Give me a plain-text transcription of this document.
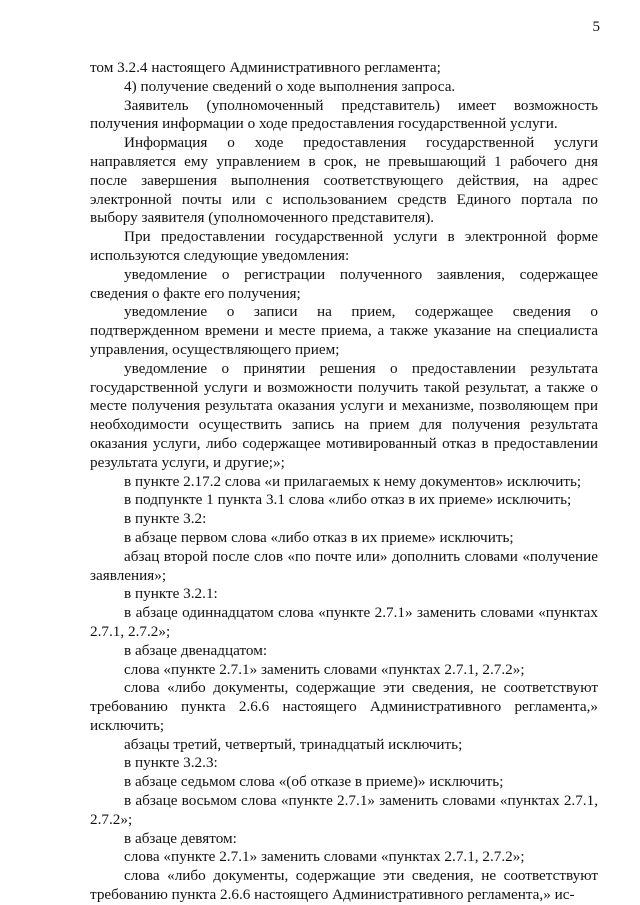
5

том 3.2.4 настоящего Административного регламента;

4) получение сведений о ходе выполнения запроса.

Заявитель (уполномоченный представитель) имеет возможность получения информации о ходе предоставления государственной услуги.

Информация о ходе предоставления государственной услуги направляется ему управлением в срок, не превышающий 1 рабочего дня после завершения выполнения соответствующего действия, на адрес электронной почты или с использованием средств Единого портала по выбору заявителя (уполномоченного представителя).

При предоставлении государственной услуги в электронной форме используются следующие уведомления:

уведомление о регистрации полученного заявления, содержащее сведения о факте его получения;

уведомление о записи на прием, содержащее сведения о подтвержденном времени и месте приема, а также указание на специалиста управления, осуществляющего прием;

уведомление о принятии решения о предоставлении результата государственной услуги и возможности получить такой результат, а также о месте получения результата оказания услуги и механизме, позволяющем при необходимости осуществить запись на прием для получения результата оказания услуги, либо содержащее мотивированный отказ в предоставлении результата услуги, и другие;»;

в пункте 2.17.2 слова «и прилагаемых к нему документов» исключить;

в подпункте 1 пункта 3.1 слова «либо отказ в их приеме» исключить;

в пункте 3.2:

в абзаце первом слова «либо отказ в их приеме» исключить;

абзац второй после слов «по почте или» дополнить словами «получение заявления»;

в пункте 3.2.1:

в абзаце одиннадцатом слова «пункте 2.7.1» заменить словами «пунктах 2.7.1, 2.7.2»;

в абзаце двенадцатом:

слова «пункте 2.7.1» заменить словами «пунктах 2.7.1, 2.7.2»;

слова «либо документы, содержащие эти сведения, не соответствуют требованию пункта 2.6.6 настоящего Административного регламента,» исключить;

абзацы третий, четвертый, тринадцатый исключить;

в пункте 3.2.3:

в абзаце седьмом слова «(об отказе в приеме)» исключить;

в абзаце восьмом слова «пункте 2.7.1» заменить словами «пунктах 2.7.1, 2.7.2»;

в абзаце девятом:

слова «пункте 2.7.1» заменить словами «пунктах 2.7.1, 2.7.2»;

слова «либо документы, содержащие эти сведения, не соответствуют требованию пункта 2.6.6 настоящего Административного регламента,» ис-
